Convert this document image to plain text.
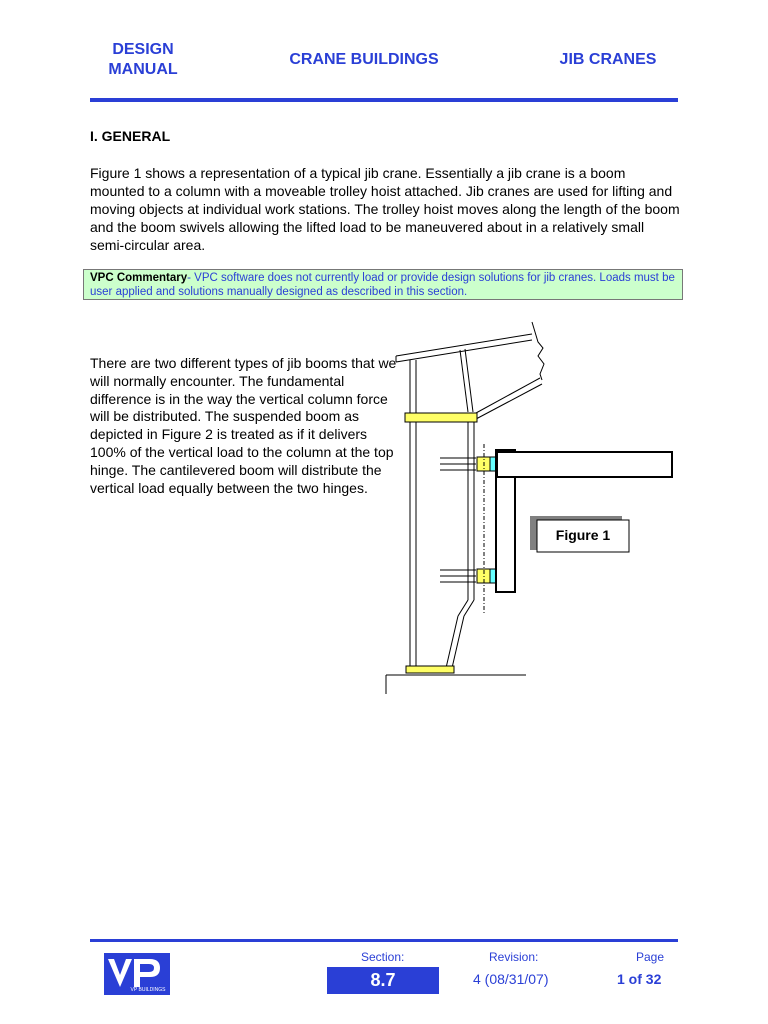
DESIGN
MANUAL
CRANE BUILDINGS	JIB CRANES
I. GENERAL

Figure 1 shows a representation of a typical jib crane. Essentially a jib crane is a boom mounted to a column with a moveable trolley hoist attached. Jib cranes are used for lifting and moving objects at individual work stations. The trolley hoist moves along the length of the boom and the boom swivels allowing the lifted load to be maneuvered about in a relatively small semi-circular area.

VPC Commentary- VPC software does not currently load or provide design solutions for jib cranes. Loads must be user applied and solutions manually designed as described in this section.

There are two different types of jib booms that we will normally encounter. The fundamental difference is in the way the vertical column force will be distributed. The suspended boom as depicted in Figure 2 is treated as if it delivers 100% of the vertical load to the column at the top hinge. The cantilevered boom will distribute the vertical load equally between the two hinges.

Figure 1
VP BUILDINGS
Section:
8.7
Revision:
4 (08/31/07)
Page
1 of 32
